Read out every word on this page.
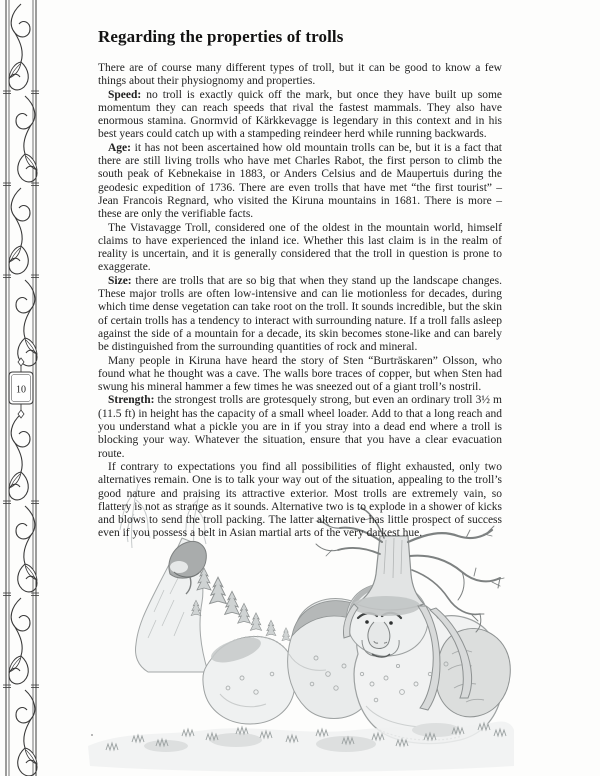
10
Regarding the properties of trolls

There are of course many different types of troll, but it can be good to know a few things about their physiognomy and properties.

Speed: no troll is exactly quick off the mark, but once they have built up some momentum they can reach speeds that rival the fastest mammals. They also have enormous stamina. Gnormvid of Kärkkevagge is legendary in this context and in his best years could catch up with a stampeding reindeer herd while running backwards.

Age: it has not been ascertained how old mountain trolls can be, but it is a fact that there are still living trolls who have met Charles Rabot, the first person to climb the south peak of Kebnekaise in 1883, or Anders Celsius and de Maupertuis during the geodesic expedition of 1736. There are even trolls that have met “the first tourist” – Jean Francois Regnard, who visited the Kiruna mountains in 1681. There is more – these are only the verifiable facts.

The Vistavagge Troll, considered one of the oldest in the mountain world, himself claims to have experienced the inland ice. Whether this last claim is in the realm of reality is uncertain, and it is generally considered that the troll in question is prone to exaggerate.

Size: there are trolls that are so big that when they stand up the landscape changes. These major trolls are often low-intensive and can lie motionless for decades, during which time dense vegetation can take root on the troll. It sounds incredible, but the skin of certain trolls has a tendency to interact with surrounding nature. If a troll falls asleep against the side of a mountain for a decade, its skin becomes stone-like and can barely be distinguished from the surrounding quantities of rock and mineral.

Many people in Kiruna have heard the story of Sten “Burträskaren” Olsson, who found what he thought was a cave. The walls bore traces of copper, but when Sten had swung his mineral hammer a few times he was sneezed out of a giant troll’s nostril.

Strength: the strongest trolls are grotesquely strong, but even an ordinary troll 3½ m (11.5 ft) in height has the capacity of a small wheel loader. Add to that a long reach and you understand what a pickle you are in if you stray into a dead end where a troll is blocking your way. Whatever the situation, ensure that you have a clear evacuation route.

If contrary to expectations you find all possibilities of flight exhausted, only two alternatives remain. One is to talk your way out of the situation, appealing to the troll’s good nature and praising its attractive exterior. Most trolls are extremely vain, so flattery is not as strange as it sounds. Alternative two is to explode in a shower of kicks and blows to send the troll packing. The latter alternative has little prospect of success even if you possess a belt in Asian martial arts of the very darkest hue.
